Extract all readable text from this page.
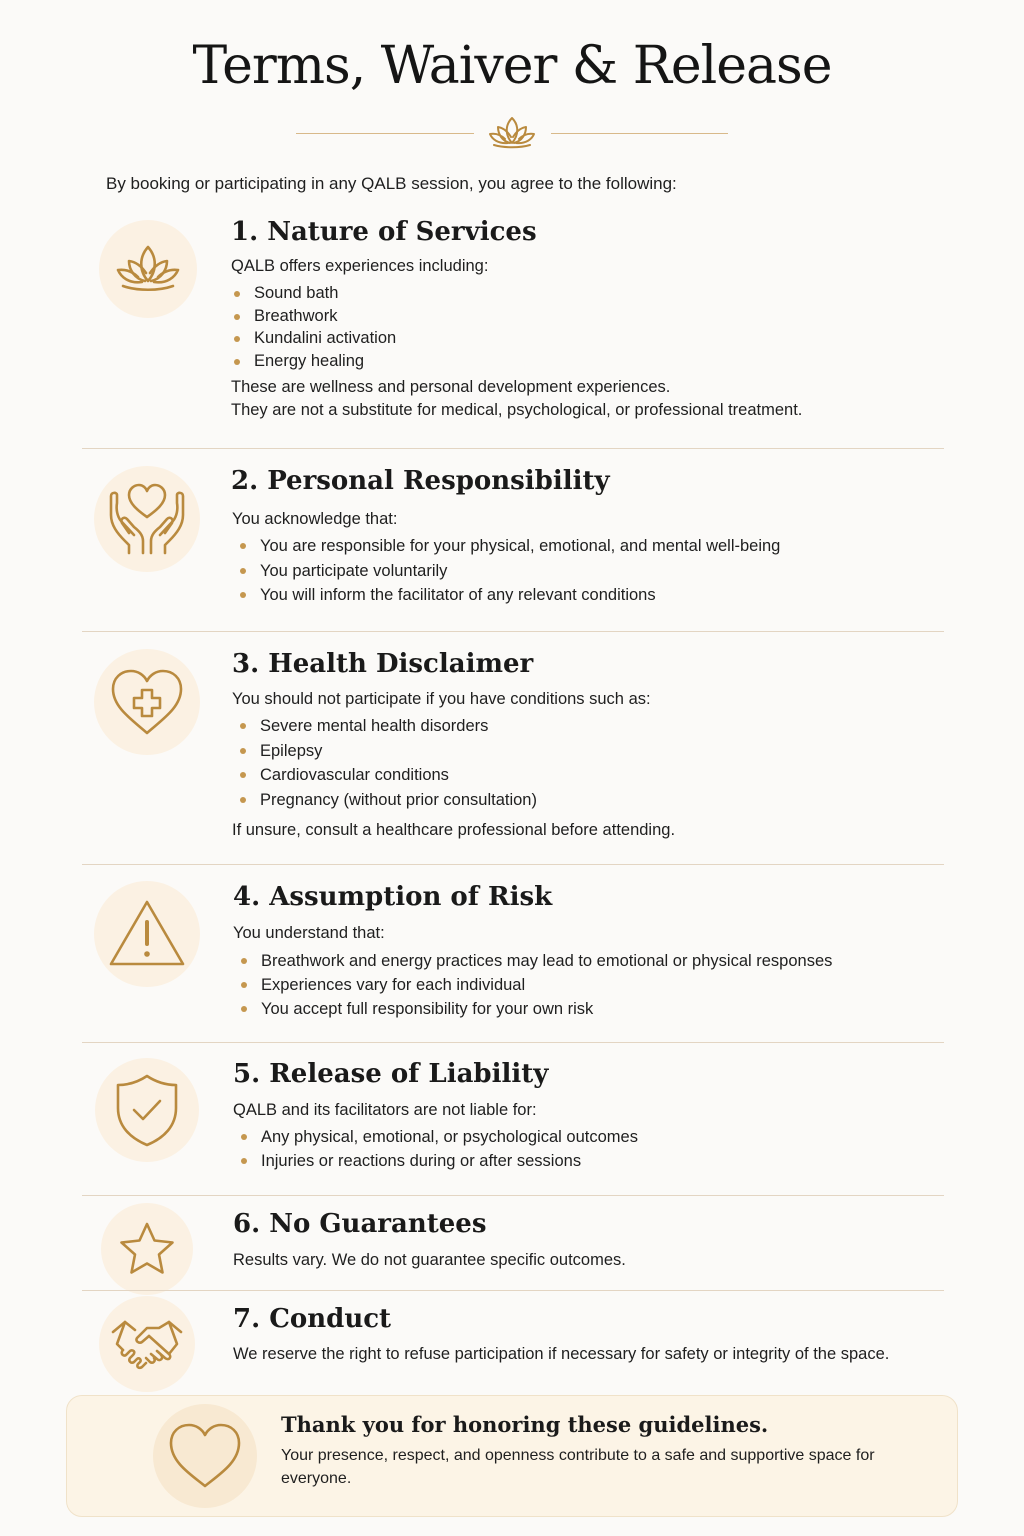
Terms, Waiver & Release
By booking or participating in any QALB session, you agree to the following:
1. Nature of Services
QALB offers experiences including:
Sound bath
Breathwork
Kundalini activation
Energy healing
These are wellness and personal development experiences.
They are not a substitute for medical, psychological, or professional treatment.
2. Personal Responsibility
You acknowledge that:
You are responsible for your physical, emotional, and mental well-being
You participate voluntarily
You will inform the facilitator of any relevant conditions
3. Health Disclaimer
You should not participate if you have conditions such as:
Severe mental health disorders
Epilepsy
Cardiovascular conditions
Pregnancy (without prior consultation)
If unsure, consult a healthcare professional before attending.
4. Assumption of Risk
You understand that:
Breathwork and energy practices may lead to emotional or physical responses
Experiences vary for each individual
You accept full responsibility for your own risk
5. Release of Liability
QALB and its facilitators are not liable for:
Any physical, emotional, or psychological outcomes
Injuries or reactions during or after sessions
6. No Guarantees
Results vary. We do not guarantee specific outcomes.
7. Conduct
We reserve the right to refuse participation if necessary for safety or integrity of the space.
Thank you for honoring these guidelines.
Your presence, respect, and openness contribute to a safe and supportive space for everyone.
